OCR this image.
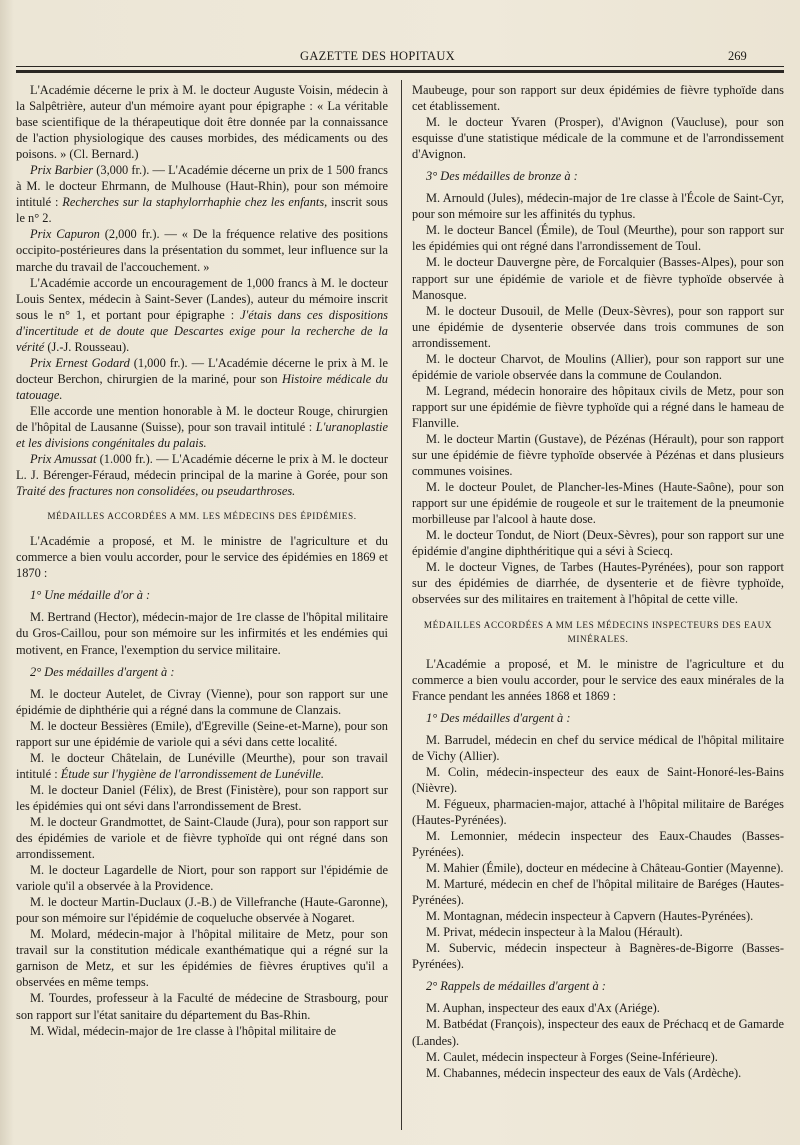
GAZETTE DES HOPITAUX	269

L'Académie décerne le prix à M. le docteur Auguste Voisin, médecin à la Salpêtrière, auteur d'un mémoire ayant pour épigraphe : « La véritable base scientifique de la thérapeutique doit être donnée par la connaissance de l'action physiologique des causes morbides, des médicaments ou des poisons. » (Cl. Bernard.)

Prix Barbier (3,000 fr.). — L'Académie décerne un prix de 1 500 francs à M. le docteur Ehrmann, de Mulhouse (Haut-Rhin), pour son mémoire intitulé : Recherches sur la staphylorrhaphie chez les enfants, inscrit sous le n° 2.

Prix Capuron (2,000 fr.). — « De la fréquence relative des positions occipito-postérieures dans la présentation du sommet, leur influence sur la marche du travail de l'accouchement. »

L'Académie accorde un encouragement de 1,000 francs à M. le docteur Louis Sentex, médecin à Saint-Sever (Landes), auteur du mémoire inscrit sous le n° 1, et portant pour épigraphe : J'étais dans ces dispositions d'incertitude et de doute que Descartes exige pour la recherche de la vérité (J.-J. Rousseau).

Prix Ernest Godard (1,000 fr.). — L'Académie décerne le prix à M. le docteur Berchon, chirurgien de la mariné, pour son Histoire médicale du tatouage.

Elle accorde une mention honorable à M. le docteur Rouge, chirurgien de l'hôpital de Lausanne (Suisse), pour son travail intitulé : L'uranoplastie et les divisions congénitales du palais.

Prix Amussat (1.000 fr.). — L'Académie décerne le prix à M. le docteur L. J. Bérenger-Féraud, médecin principal de la marine à Gorée, pour son Traité des fractures non consolidées, ou pseudarthroses.

MÉDAILLES ACCORDÉES A MM. LES MÉDECINS DES ÉPIDÉMIES.

L'Académie a proposé, et M. le ministre de l'agriculture et du commerce a bien voulu accorder, pour le service des épidémies en 1869 et 1870 :

1° Une médaille d'or à :

M. Bertrand (Hector), médecin-major de 1re classe de l'hôpital militaire du Gros-Caillou, pour son mémoire sur les infirmités et les endémies qui motivent, en France, l'exemption du service militaire.

2° Des médailles d'argent à :

M. le docteur Autelet, de Civray (Vienne), pour son rapport sur une épidémie de diphthérie qui a régné dans la commune de Clanzais.

M. le docteur Bessières (Emile), d'Egreville (Seine-et-Marne), pour son rapport sur une épidémie de variole qui a sévi dans cette localité.

M. le docteur Châtelain, de Lunéville (Meurthe), pour son travail intitulé : Étude sur l'hygiène de l'arrondissement de Lunéville.

M. le docteur Daniel (Félix), de Brest (Finistère), pour son rapport sur les épidémies qui ont sévi dans l'arrondissement de Brest.

M. le docteur Grandmottet, de Saint-Claude (Jura), pour son rapport sur des épidémies de variole et de fièvre typhoïde qui ont régné dans son arrondissement.

M. le docteur Lagardelle de Niort, pour son rapport sur l'épidémie de variole qu'il a observée à la Providence.

M. le docteur Martin-Duclaux (J.-B.) de Villefranche (Haute-Garonne), pour son mémoire sur l'épidémie de coqueluche observée à Nogaret.

M. Molard, médecin-major à l'hôpital militaire de Metz, pour son travail sur la constitution médicale exanthématique qui a régné sur la garnison de Metz, et sur les épidémies de fièvres éruptives qu'il a observées en même temps.

M. Tourdes, professeur à la Faculté de médecine de Strasbourg, pour son rapport sur l'état sanitaire du département du Bas-Rhin.

M. Widal, médecin-major de 1re classe à l'hôpital militaire de

Maubeuge, pour son rapport sur deux épidémies de fièvre typhoïde dans cet établissement.

M. le docteur Yvaren (Prosper), d'Avignon (Vaucluse), pour son esquisse d'une statistique médicale de la commune et de l'arrondissement d'Avignon.

3° Des médailles de bronze à :

M. Arnould (Jules), médecin-major de 1re classe à l'École de Saint-Cyr, pour son mémoire sur les affinités du typhus.

M. le docteur Bancel (Émile), de Toul (Meurthe), pour son rapport sur les épidémies qui ont régné dans l'arrondissement de Toul.

M. le docteur Dauvergne père, de Forcalquier (Basses-Alpes), pour son rapport sur une épidémie de variole et de fièvre typhoïde observée à Manosque.

M. le docteur Dusouil, de Melle (Deux-Sèvres), pour son rapport sur une épidémie de dysenterie observée dans trois communes de son arrondissement.

M. le docteur Charvot, de Moulins (Allier), pour son rapport sur une épidémie de variole observée dans la commune de Coulandon.

M. Legrand, médecin honoraire des hôpitaux civils de Metz, pour son rapport sur une épidémie de fièvre typhoïde qui a régné dans le hameau de Flanville.

M. le docteur Martin (Gustave), de Pézénas (Hérault), pour son rapport sur une épidémie de fièvre typhoïde observée à Pézénas et dans plusieurs communes voisines.

M. le docteur Poulet, de Plancher-les-Mines (Haute-Saône), pour son rapport sur une épidémie de rougeole et sur le traitement de la pneumonie morbilleuse par l'alcool à haute dose.

M. le docteur Tondut, de Niort (Deux-Sèvres), pour son rapport sur une épidémie d'angine diphthéritique qui a sévi à Sciecq.

M. le docteur Vignes, de Tarbes (Hautes-Pyrénées), pour son rapport sur des épidémies de diarrhée, de dysenterie et de fièvre typhoïde, observées sur des militaires en traitement à l'hôpital de cette ville.

MÉDAILLES ACCORDÉES A MM LES MÉDECINS INSPECTEURS DES EAUX MINÉRALES.

L'Académie a proposé, et M. le ministre de l'agriculture et du commerce a bien voulu accorder, pour le service des eaux minérales de la France pendant les années 1868 et 1869 :

1° Des médailles d'argent à :

M. Barrudel, médecin en chef du service médical de l'hôpital militaire de Vichy (Allier).

M. Colin, médecin-inspecteur des eaux de Saint-Honoré-les-Bains (Nièvre).

M. Fégueux, pharmacien-major, attaché à l'hôpital militaire de Baréges (Hautes-Pyrénées).

M. Lemonnier, médecin inspecteur des Eaux-Chaudes (Basses-Pyrénées).

M. Mahier (Émile), docteur en médecine à Château-Gontier (Mayenne).

M. Marturé, médecin en chef de l'hôpital militaire de Baréges (Hautes-Pyrénées).

M. Montagnan, médecin inspecteur à Capvern (Hautes-Pyrénées).

M. Privat, médecin inspecteur à la Malou (Hérault).

M. Subervic, médecin inspecteur à Bagnères-de-Bigorre (Basses-Pyrénées).

2° Rappels de médailles d'argent à :

M. Auphan, inspecteur des eaux d'Ax (Ariége).

M. Batbédat (François), inspecteur des eaux de Préchacq et de Gamarde (Landes).

M. Caulet, médecin inspecteur à Forges (Seine-Inférieure).

M. Chabannes, médecin inspecteur des eaux de Vals (Ardèche).
